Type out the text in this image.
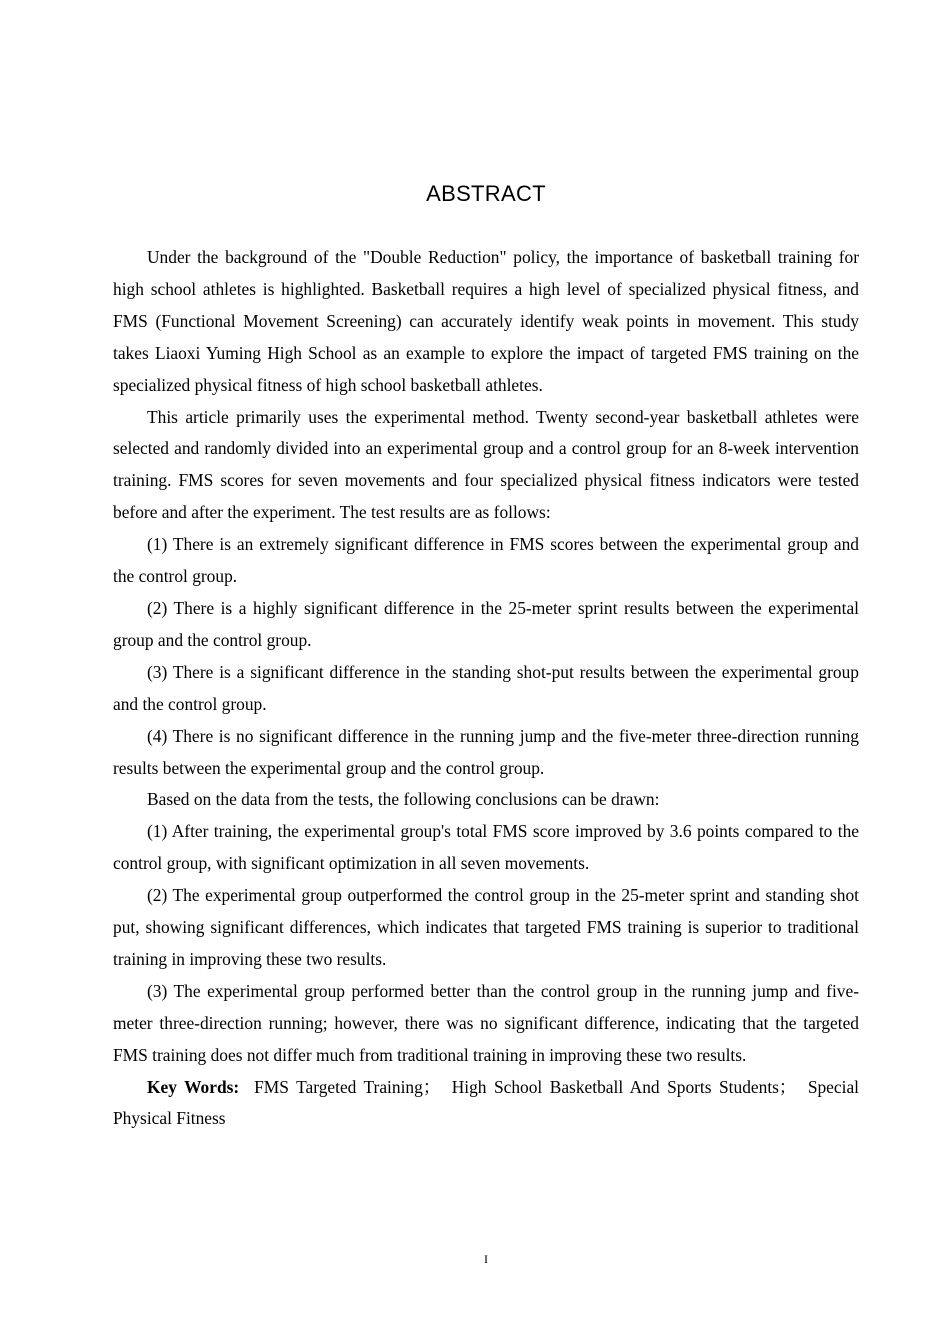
ABSTRACT

Under the background of the "Double Reduction" policy, the importance of basketball training for high school athletes is highlighted. Basketball requires a high level of specialized physical fitness, and FMS (Functional Movement Screening) can accurately identify weak points in movement. This study takes Liaoxi Yuming High School as an example to explore the impact of targeted FMS training on the specialized physical fitness of high school basketball athletes.

This article primarily uses the experimental method. Twenty second-year basketball athletes were selected and randomly divided into an experimental group and a control group for an 8-week intervention training. FMS scores for seven movements and four specialized physical fitness indicators were tested before and after the experiment. The test results are as follows:

(1) There is an extremely significant difference in FMS scores between the experimental group and the control group.

(2) There is a highly significant difference in the 25-meter sprint results between the experimental group and the control group.

(3) There is a significant difference in the standing shot-put results between the experimental group and the control group.

(4) There is no significant difference in the running jump and the five-meter three-direction running results between the experimental group and the control group.

Based on the data from the tests, the following conclusions can be drawn:

(1) After training, the experimental group's total FMS score improved by 3.6 points compared to the control group, with significant optimization in all seven movements.

(2) The experimental group outperformed the control group in the 25-meter sprint and standing shot put, showing significant differences, which indicates that targeted FMS training is superior to traditional training in improving these two results.

(3) The experimental group performed better than the control group in the running jump and five-meter three-direction running; however, there was no significant difference, indicating that the targeted FMS training does not differ much from traditional training in improving these two results.

Key Words: FMS Targeted Training； High School Basketball And Sports Students； Special Physical Fitness

I
